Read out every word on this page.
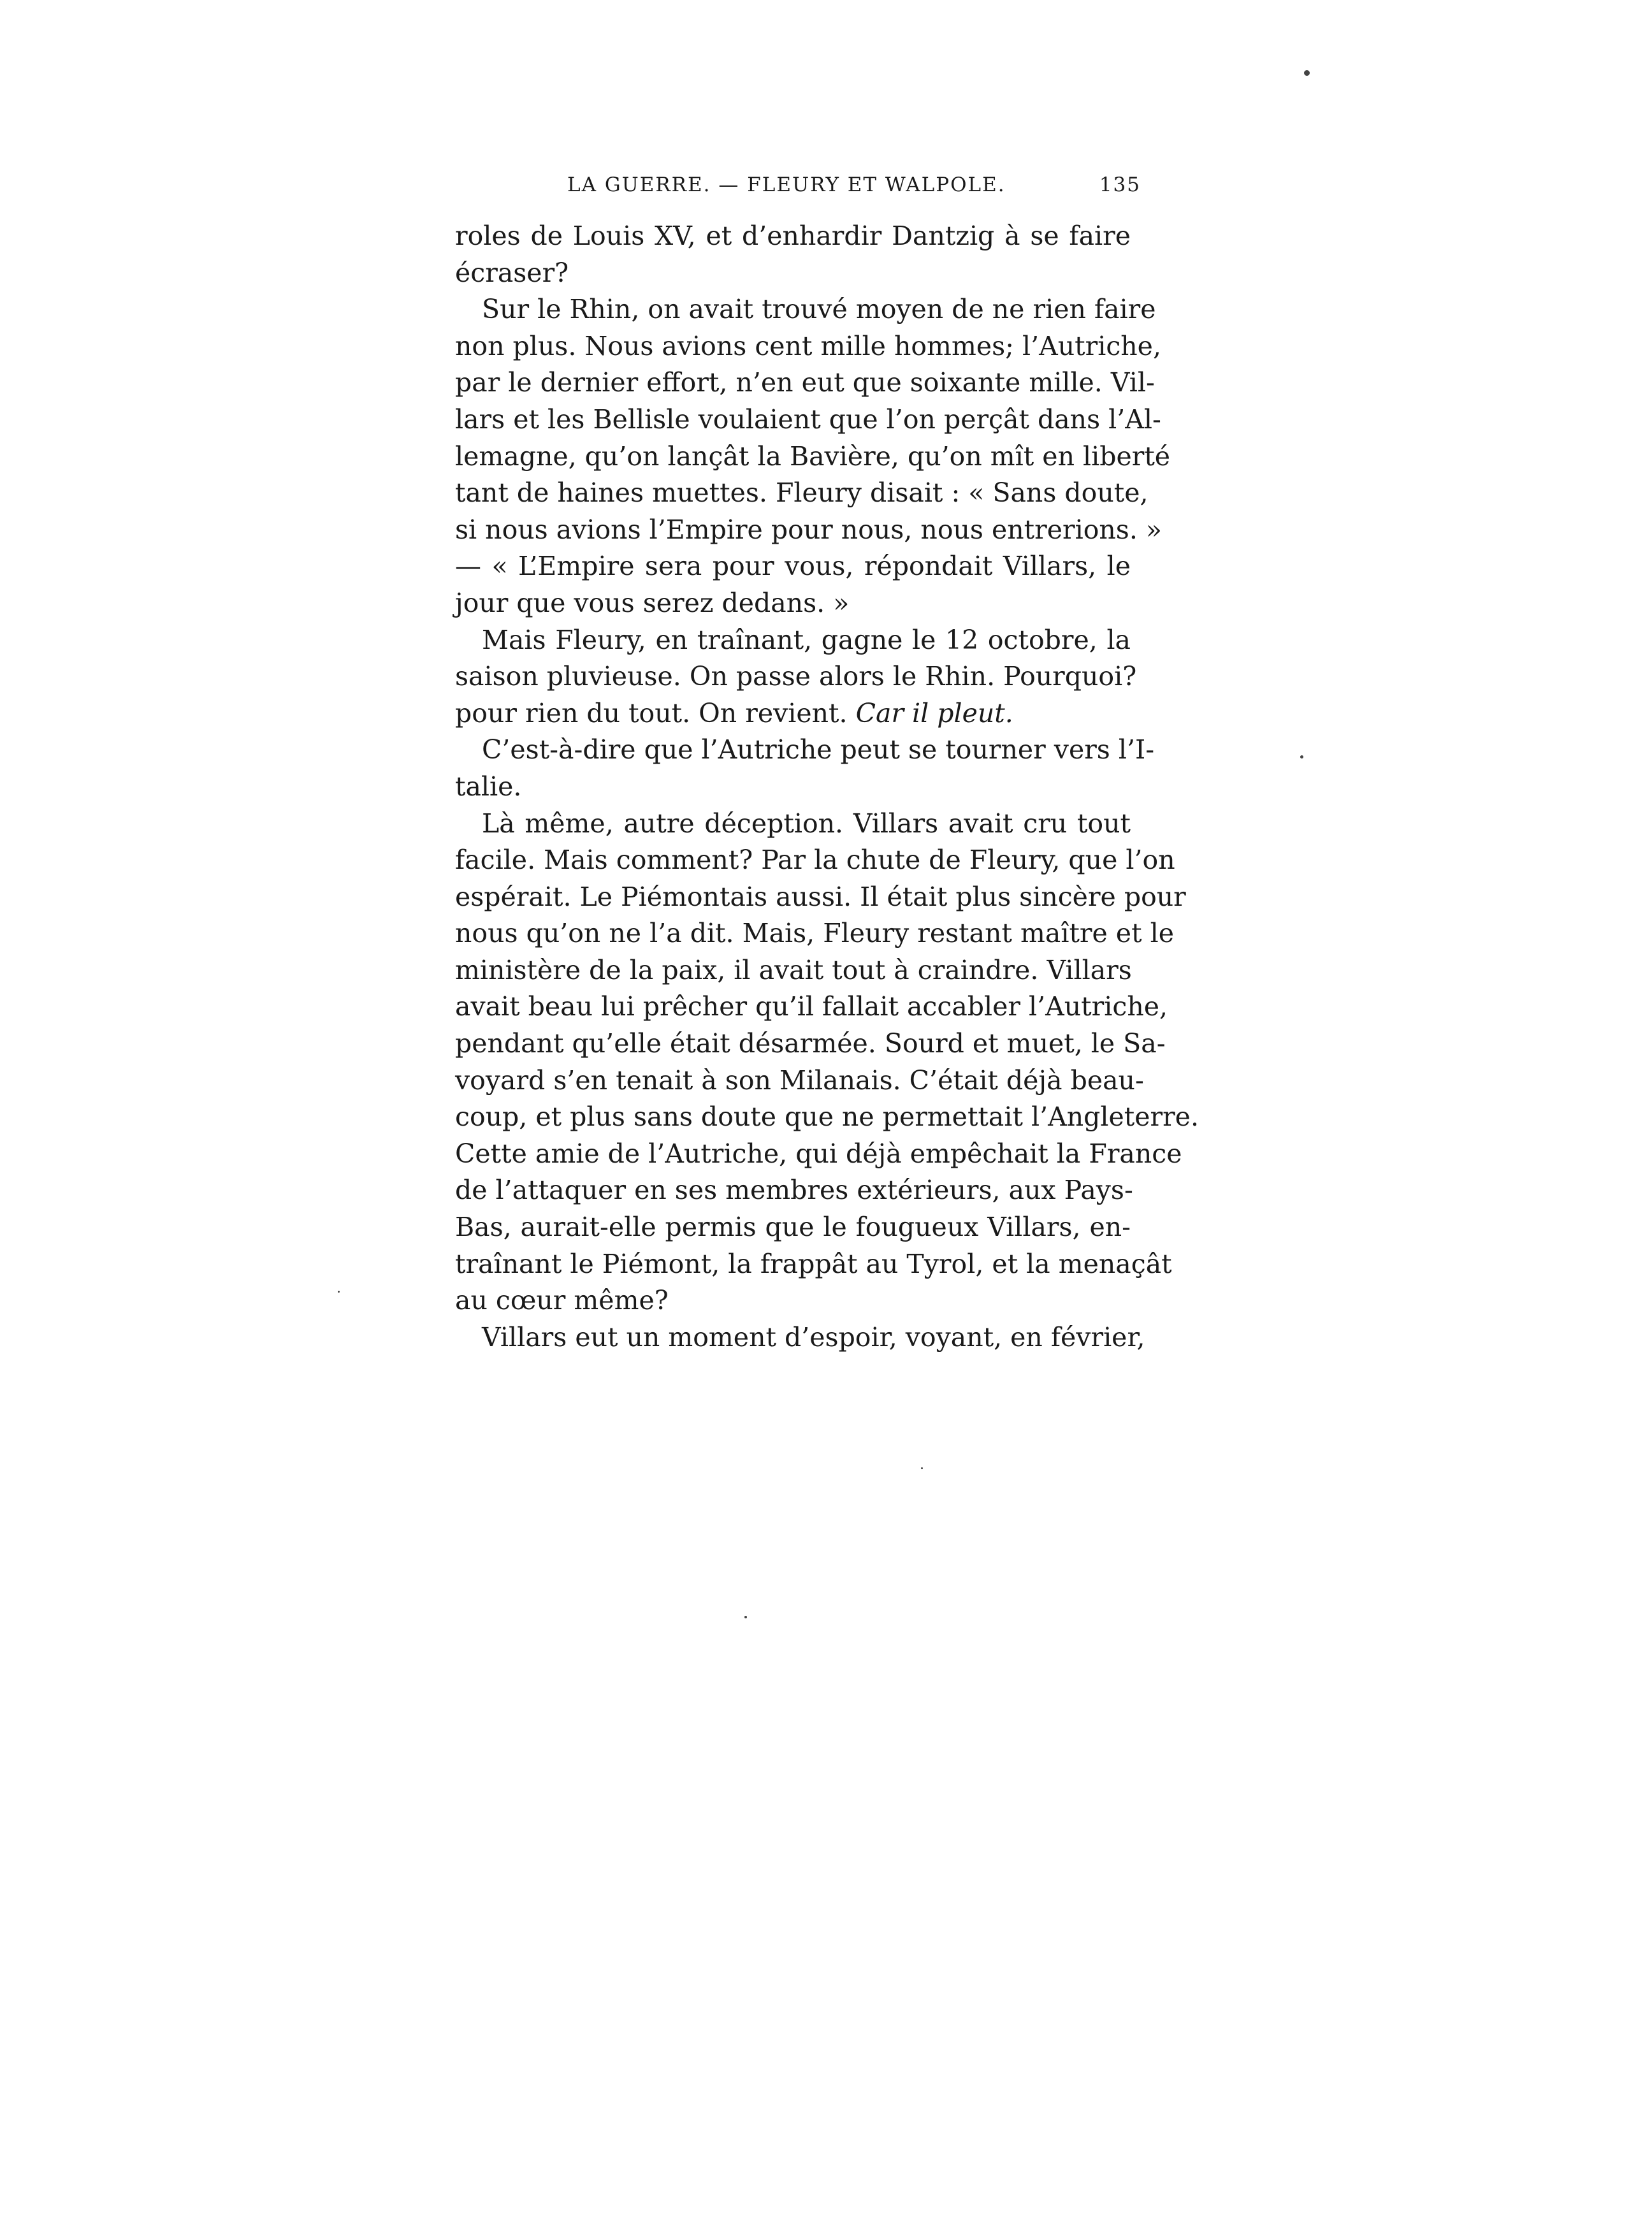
LA GUERRE. — FLEURY ET WALPOLE.	135
roles de Louis XV, et d’enhardir Dantzig à se faire
écraser?
Sur le Rhin, on avait trouvé moyen de ne rien faire
non plus. Nous avions cent mille hommes; l’Autriche,
par le dernier effort, n’en eut que soixante mille. Vil-
lars et les Bellisle voulaient que l’on perçât dans l’Al-
lemagne, qu’on lançât la Bavière, qu’on mît en liberté
tant de haines muettes. Fleury disait : « Sans doute,
si nous avions l’Empire pour nous, nous entrerions. »
— « L’Empire sera pour vous, répondait Villars, le
jour que vous serez dedans. »
Mais Fleury, en traînant, gagne le 12 octobre, la
saison pluvieuse. On passe alors le Rhin. Pourquoi?
pour rien du tout. On revient. Car il pleut.
C’est-à-dire que l’Autriche peut se tourner vers l’I-
talie.
Là même, autre déception. Villars avait cru tout
facile. Mais comment? Par la chute de Fleury, que l’on
espérait. Le Piémontais aussi. Il était plus sincère pour
nous qu’on ne l’a dit. Mais, Fleury restant maître et le
ministère de la paix, il avait tout à craindre. Villars
avait beau lui prêcher qu’il fallait accabler l’Autriche,
pendant qu’elle était désarmée. Sourd et muet, le Sa-
voyard s’en tenait à son Milanais. C’était déjà beau-
coup, et plus sans doute que ne permettait l’Angleterre.
Cette amie de l’Autriche, qui déjà empêchait la France
de l’attaquer en ses membres extérieurs, aux Pays-
Bas, aurait-elle permis que le fougueux Villars, en-
traînant le Piémont, la frappât au Tyrol, et la menaçât
au cœur même?
Villars eut un moment d’espoir, voyant, en février,
